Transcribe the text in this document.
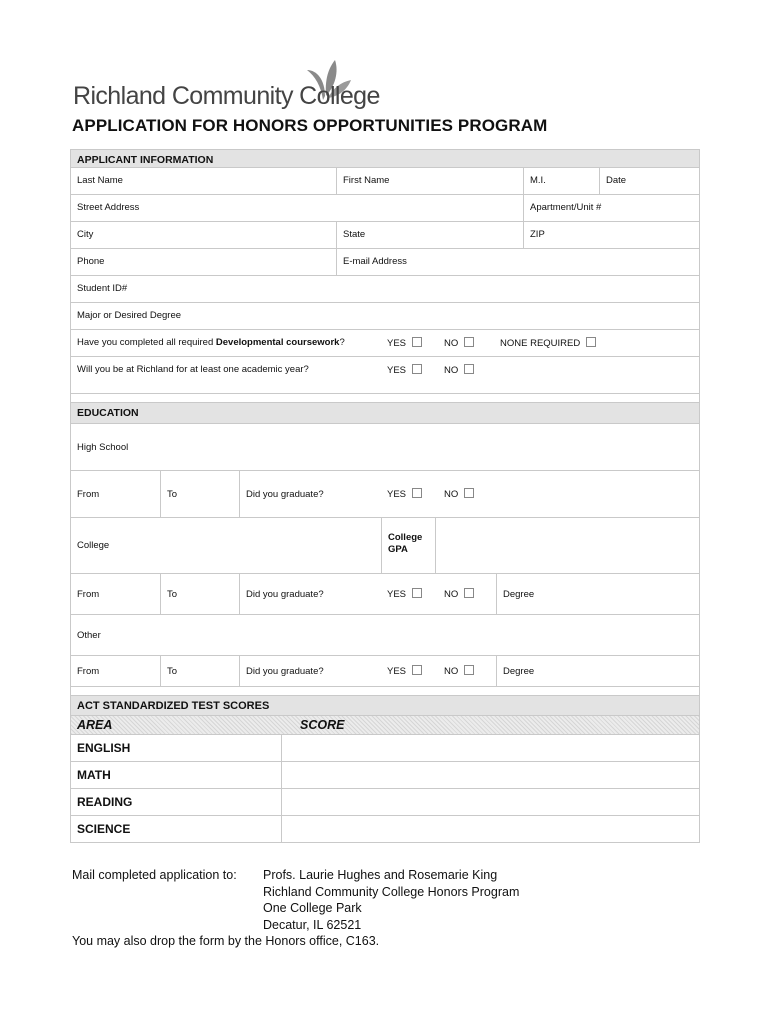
Richland Community College
APPLICATION FOR HONORS OPPORTUNITIES PROGRAM
APPLICANT INFORMATION
Last Name	First Name	M.I.	Date
Street Address	Apartment/Unit #
City	State	ZIP
Phone	E-mail Address
Student ID#
Major or Desired Degree
Have you completed all required Developmental coursework?	YES	NO	NONE REQUIRED
Will you be at Richland for at least one academic year?	YES	NO
EDUCATION
High School
From	To	Did you graduate?	YES	NO
College
College GPA
From	To	Did you graduate?	YES	NO	Degree
Other
From	To	Did you graduate?	YES	NO	Degree
ACT STANDARDIZED TEST SCORES
AREA	SCORE
ENGLISH
MATH
READING
SCIENCE
Mail completed application to: Profs. Laurie Hughes and Rosemarie King
Richland Community College Honors Program
One College Park
Decatur, IL 62521
You may also drop the form by the Honors office, C163.
